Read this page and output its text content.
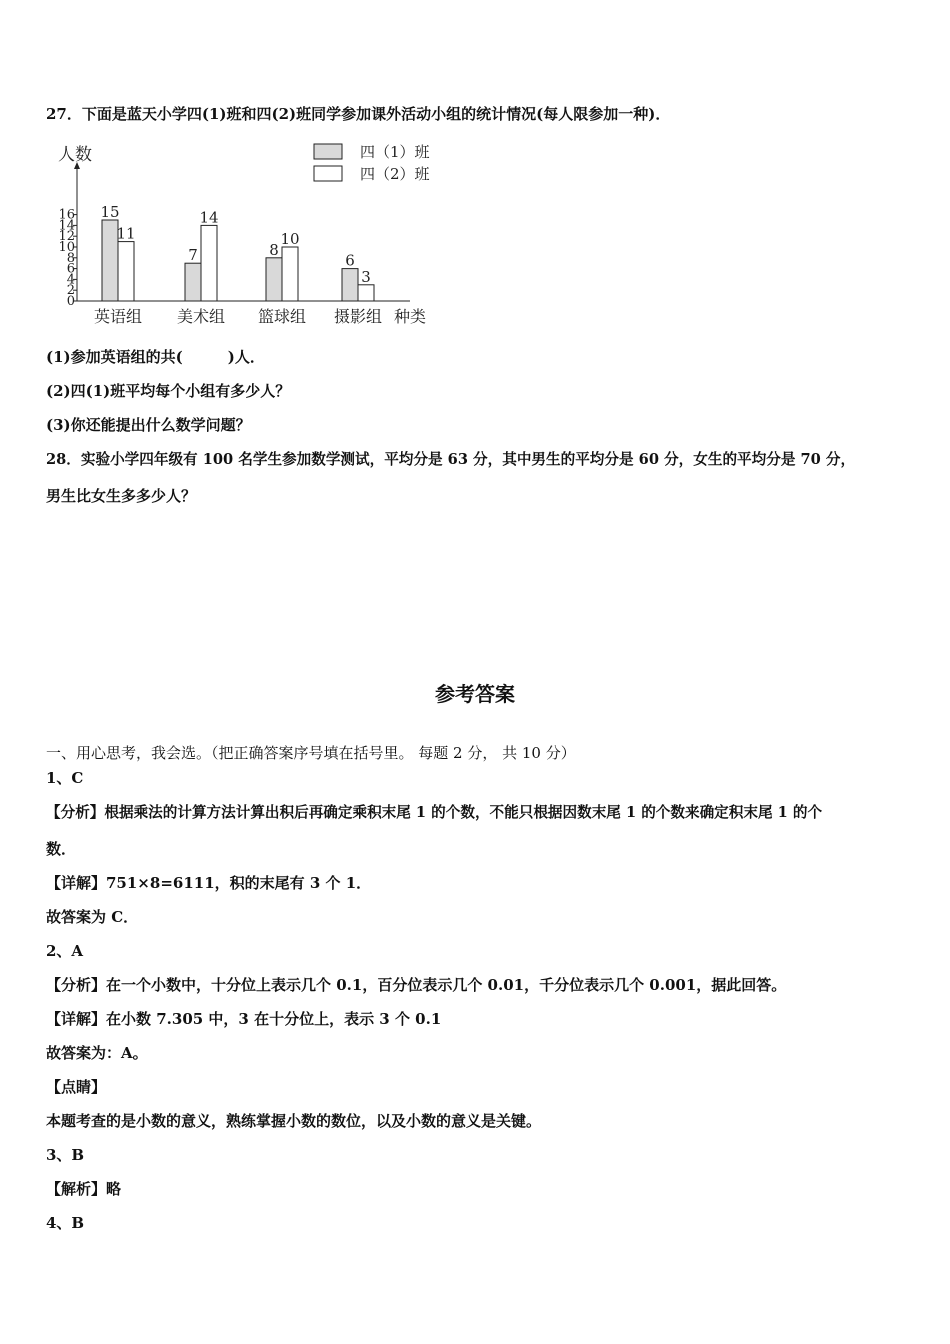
27．下面是蓝天小学四(1)班和四(2)班同学参加课外活动小组的统计情况(每人限参加一种)．
人数
种类
0
2
4
6
8
10
12
14
16 15
11
7
14
8
10
6
3
英语组 美术组 篮球组 摄影组
四（1）班
四（2）班
(1)参加英语组的共(　　　)人．
(2)四(1)班平均每个小组有多少人？
(3)你还能提出什么数学问题？
28．实验小学四年级有 100 名学生参加数学测试，平均分是 63 分，其中男生的平均分是 60 分，女生的平均分是 70 分，
男生比女生多多少人？
参考答案
一、用心思考，我会选。（把正确答案序号填在括号里。 每题 2 分， 共 10 分）
1、C
【分析】根据乘法的计算方法计算出积后再确定乘积末尾 1 的个数，不能只根据因数末尾 1 的个数来确定积末尾 1 的个
数．
【详解】751×8=6111，积的末尾有 3 个 1．
故答案为 C．
2、A
【分析】在一个小数中，十分位上表示几个 0.1，百分位表示几个 0.01，千分位表示几个 0.001，据此回答。
【详解】在小数 7.305 中，3 在十分位上，表示 3 个 0.1
故答案为：A。
【点睛】
本题考查的是小数的意义，熟练掌握小数的数位，以及小数的意义是关键。
3、B
【解析】略
4、B
